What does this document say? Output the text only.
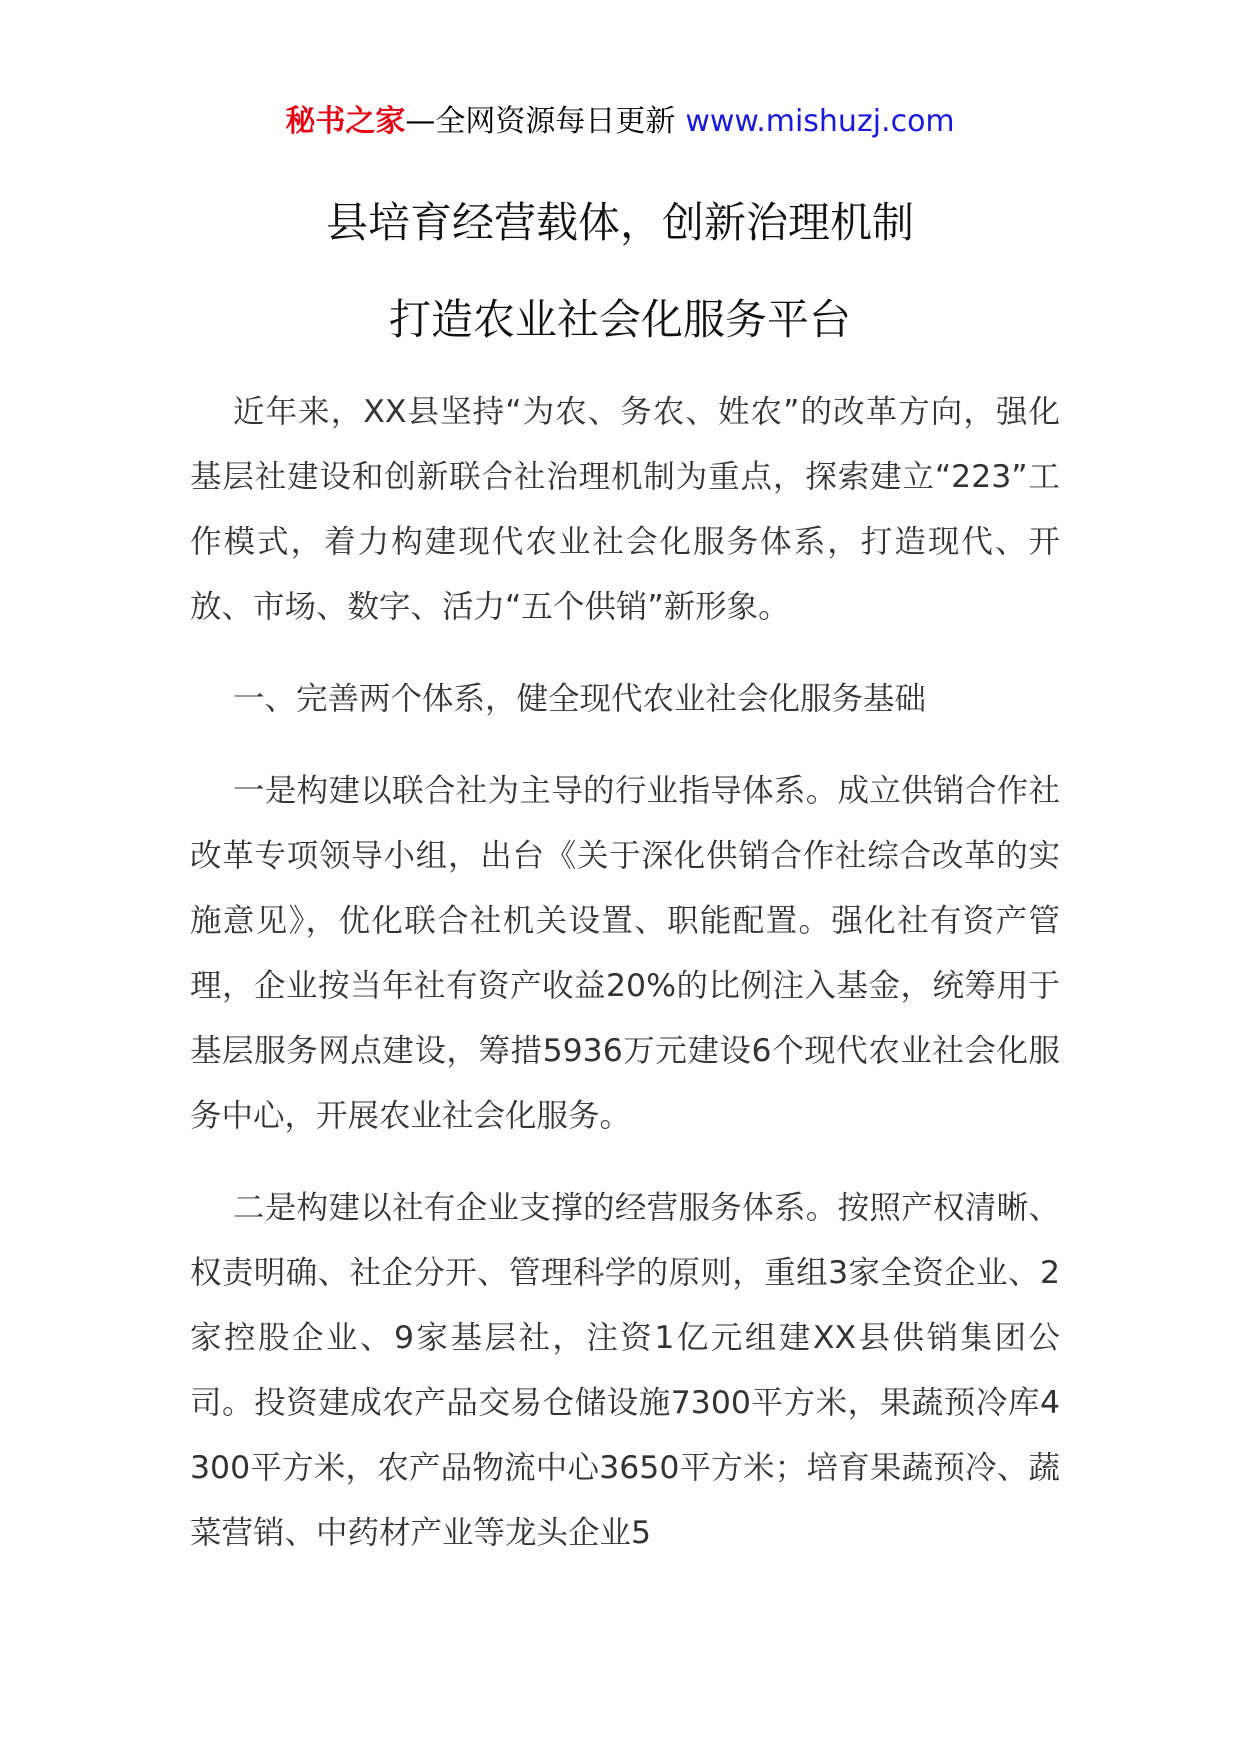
秘书之家—全网资源每日更新 www.mishuzj.com
县培育经营载体，创新治理机制
打造农业社会化服务平台

近年来，XX县坚持“为农、务农、姓农”的改革方向，强化基层社建设和创新联合社治理机制为重点，探索建立“223”工作模式，着力构建现代农业社会化服务体系，打造现代、开放、市场、数字、活力“五个供销”新形象。

一、完善两个体系，健全现代农业社会化服务基础

一是构建以联合社为主导的行业指导体系。成立供销合作社改革专项领导小组，出台《关于深化供销合作社综合改革的实施意见》，优化联合社机关设置、职能配置。强化社有资产管理，企业按当年社有资产收益20%的比例注入基金，统筹用于基层服务网点建设，筹措5936万元建设6个现代农业社会化服务中心，开展农业社会化服务。

二是构建以社有企业支撑的经营服务体系。按照产权清晰、权责明确、社企分开、管理科学的原则，重组3家全资企业、2家控股企业、9家基层社，注资1亿元组建XX县供销集团公司。投资建成农产品交易仓储设施7300平方米，果蔬预冷库4300平方米，农产品物流中心3650平方米；培育果蔬预冷、蔬菜营销、中药材产业等龙头企业5
